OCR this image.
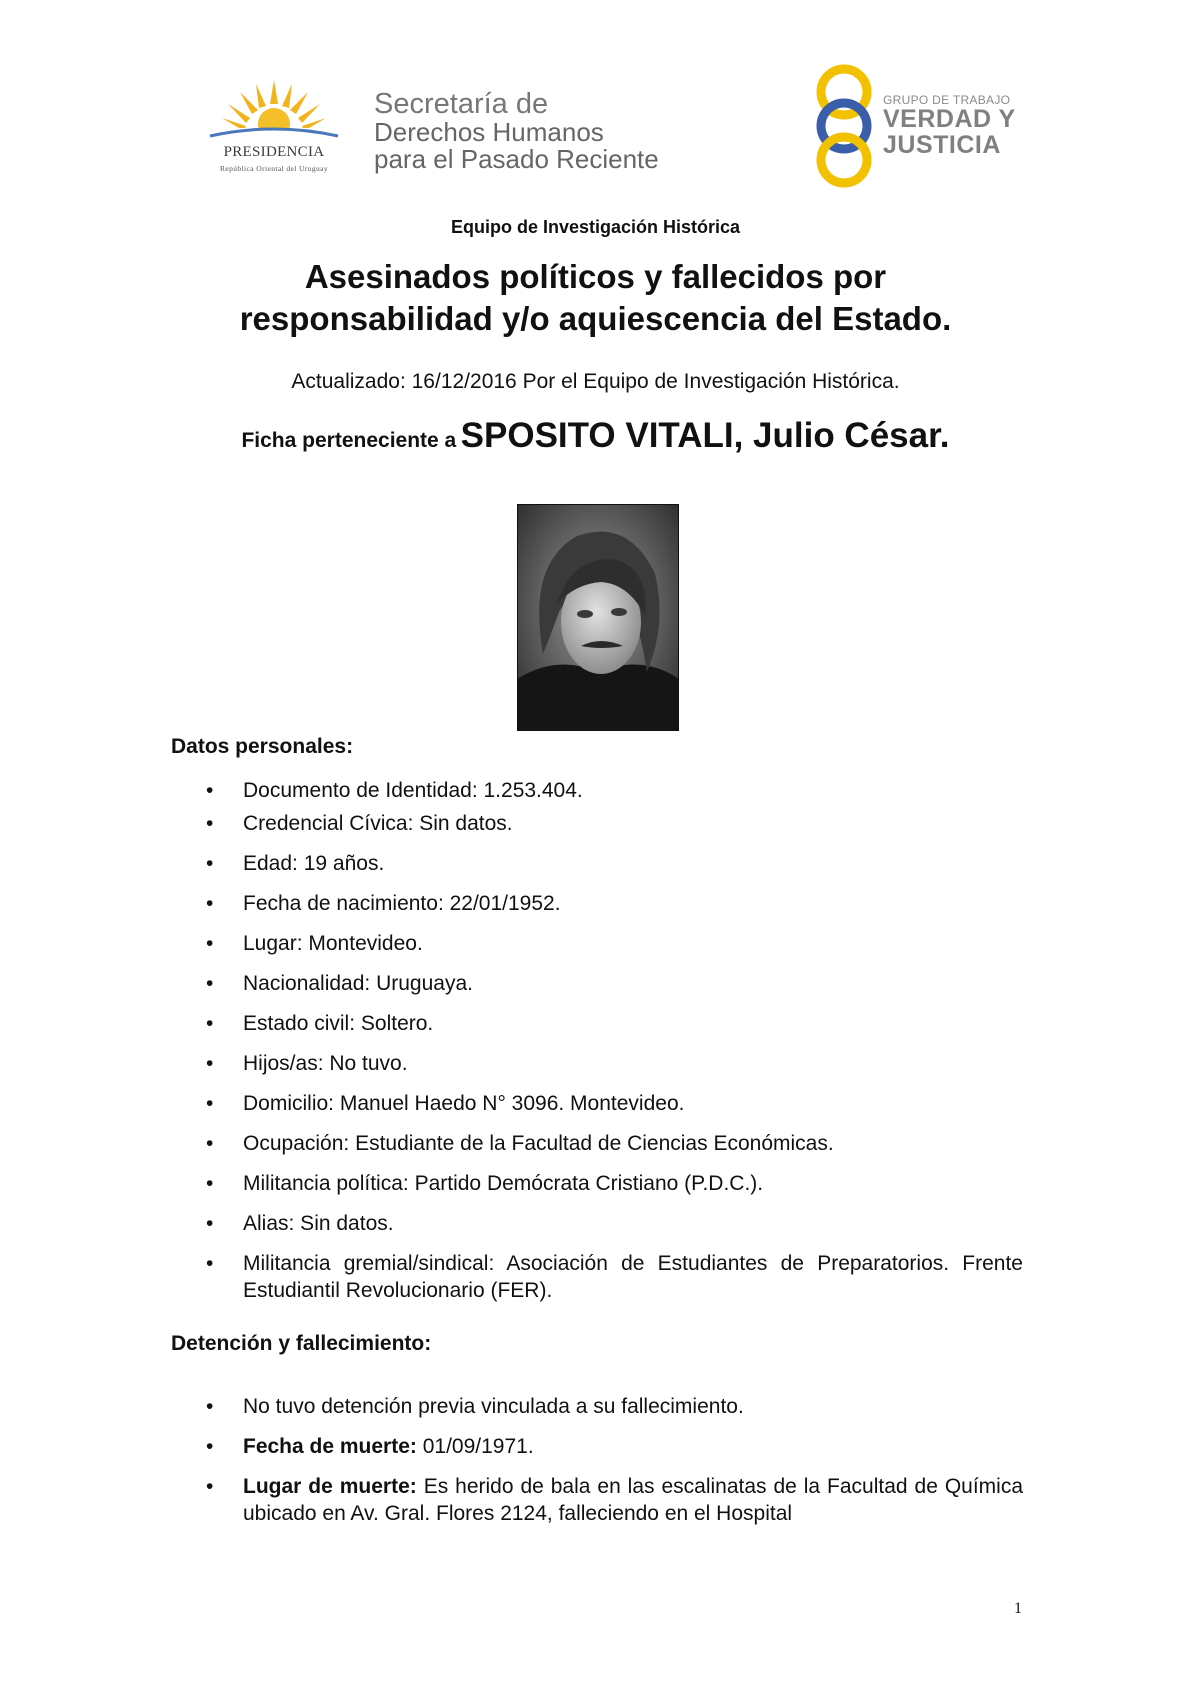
PRESIDENCIA
República Oriental del Uruguay
Secretaría de
Derechos Humanos
para el Pasado Reciente
GRUPO DE TRABAJO
VERDAD Y
JUSTICIA
Equipo de Investigación Histórica
Asesinados políticos y fallecidos por
responsabilidad y/o aquiescencia del Estado.
Actualizado: 16/12/2016 Por el Equipo de Investigación Histórica.
Ficha perteneciente a SPOSITO VITALI, Julio César.
Datos personales:
• Documento de Identidad: 1.253.404.
• Credencial Cívica: Sin datos.
• Edad: 19 años.
• Fecha de nacimiento: 22/01/1952.
• Lugar: Montevideo.
• Nacionalidad: Uruguaya.
• Estado civil: Soltero.
• Hijos/as: No tuvo.
• Domicilio: Manuel Haedo N° 3096. Montevideo.
• Ocupación: Estudiante de la Facultad de Ciencias Económicas.
• Militancia política: Partido Demócrata Cristiano (P.D.C.).
• Alias: Sin datos.
• Militancia gremial/sindical: Asociación de Estudiantes de Preparatorios. Frente Estudiantil Revolucionario (FER).
Detención y fallecimiento:
• No tuvo detención previa vinculada a su fallecimiento.
• Fecha de muerte: 01/09/1971.
• Lugar de muerte: Es herido de bala en las escalinatas de la Facultad de Química ubicado en Av. Gral. Flores 2124, falleciendo en el Hospital
1
